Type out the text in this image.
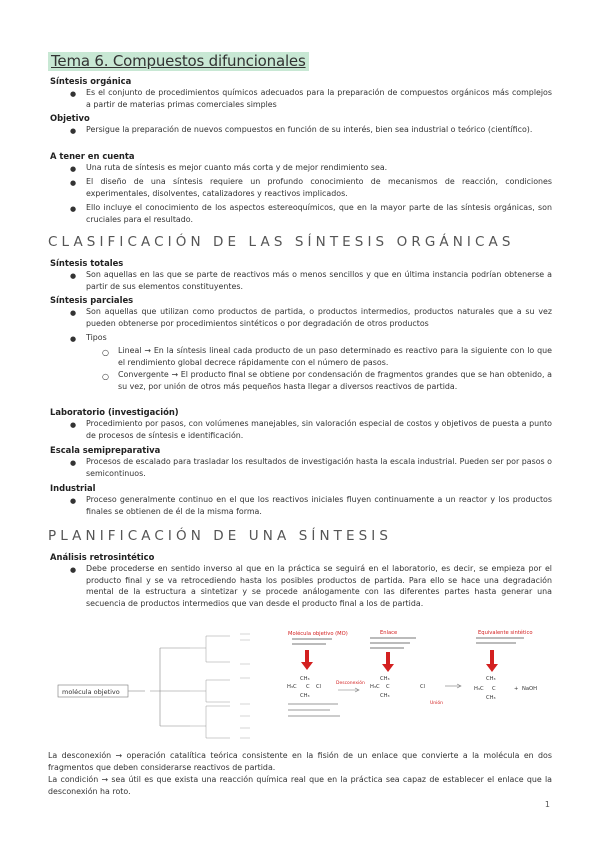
Tema 6. Compuestos difuncionales
Síntesis orgánica
● Es el conjunto de procedimientos químicos adecuados para la preparación de compuestos orgánicos más complejos a partir de materias primas comerciales simples
Objetivo
● Persigue la preparación de nuevos compuestos en función de su interés, bien sea industrial o teórico (científico).
A tener en cuenta
● Una ruta de síntesis es mejor cuanto más corta y de mejor rendimiento sea.
● El diseño de una síntesis requiere un profundo conocimiento de mecanismos de reacción, condiciones experimentales, disolventes, catalizadores y reactivos implicados.
● Ello incluye el conocimiento de los aspectos estereoquímicos, que en la mayor parte de las síntesis orgánicas, son cruciales para el resultado.
CLASIFICACIÓN DE LAS SÍNTESIS ORGÁNICAS
Síntesis totales
● Son aquellas en las que se parte de reactivos más o menos sencillos y que en última instancia podrían obtenerse a partir de sus elementos constituyentes.
Síntesis parciales
● Son aquellas que utilizan como productos de partida, o productos intermedios, productos naturales que a su vez pueden obtenerse por procedimientos sintéticos o por degradación de otros productos
● Tipos
○ Lineal → En la síntesis lineal cada producto de un paso determinado es reactivo para la siguiente con lo que el rendimiento global decrece rápidamente con el número de pasos.
○ Convergente → El producto final se obtiene por condensación de fragmentos grandes que se han obtenido, a su vez, por unión de otros más pequeños hasta llegar a diversos reactivos de partida.
Laboratorio (investigación)
● Procedimiento por pasos, con volúmenes manejables, sin valoración especial de costos y objetivos de puesta a punto de procesos de síntesis e identificación.
Escala semipreparativa
● Procesos de escalado para trasladar los resultados de investigación hasta la escala industrial. Pueden ser por pasos o semicontinuos.
Industrial
● Proceso generalmente continuo en el que los reactivos iniciales fluyen continuamente a un reactor y los productos finales se obtienen de él de la misma forma.
PLANIFICACIÓN DE UNA SÍNTESIS
Análisis retrosintético
● Debe procederse en sentido inverso al que en la práctica se seguirá en el laboratorio, es decir, se empieza por el producto final y se va retrocediendo hasta los posibles productos de partida. Para ello se hace una degradación mental de la estructura a sintetizar y se procede análogamente con las diferentes partes hasta generar una secuencia de productos intermedios que van desde el producto final a los de partida.
molécula objetivo
Molécula objetivo (MO)
CH₃
H₃C C Cl
CH₃
Desconexión
Enlace
CH₃
H₃C C
CH₃
Cl
Unión
Equivalente sintético
CH₃
H₃C C
CH₃
+ NaOH
La desconexión → operación catalítica teórica consistente en la fisión de un enlace que convierte a la molécula en dos fragmentos que deben considerarse reactivos de partida.
La condición → sea útil es que exista una reacción química real que en la práctica sea capaz de establecer el enlace que la desconexión ha roto.
1
